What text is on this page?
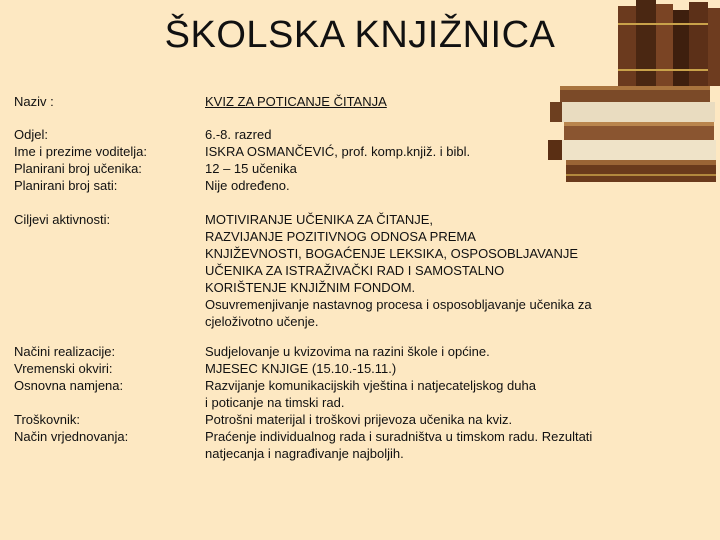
ŠKOLSKA KNJIŽNICA
Naziv :	KVIZ ZA POTICANJE ČITANJA
Odjel:
Ime i prezime voditelja:
Planirani broj učenika:
Planirani broj sati:
6.-8. razred
ISKRA OSMANČEVIĆ, prof. komp.knjiž. i bibl.
12 – 15 učenika
Nije određeno.
Ciljevi aktivnosti:	MOTIVIRANJE UČENIKA ZA ČITANJE,
RAZVIJANJE POZITIVNOG ODNOSA PREMA
KNJIŽEVNOSTI, BOGAĆENJE LEKSIKA, OSPOSOBLJAVANJE
UČENIKA ZA ISTRAŽIVAČKI RAD I SAMOSTALNO
KORIŠTENJE KNJIŽNIM FONDOM.
Osuvremenjivanje nastavnog procesa i osposobljavanje učenika za
cjeloživotno učenje.
Načini realizacije:
Vremenski okviri:
Osnovna namjena:
Troškovnik:
Način vrjednovanja:
Sudjelovanje u kvizovima na razini škole i općine.
MJESEC KNJIGE (15.10.-15.11.)
Razvijanje komunikacijskih vještina i natjecateljskog duha
i poticanje na timski rad.
Potrošni materijal i troškovi prijevoza učenika na kviz.
Praćenje individualnog rada i suradništva u timskom radu. Rezultati
natjecanja i nagrađivanje najboljih.
